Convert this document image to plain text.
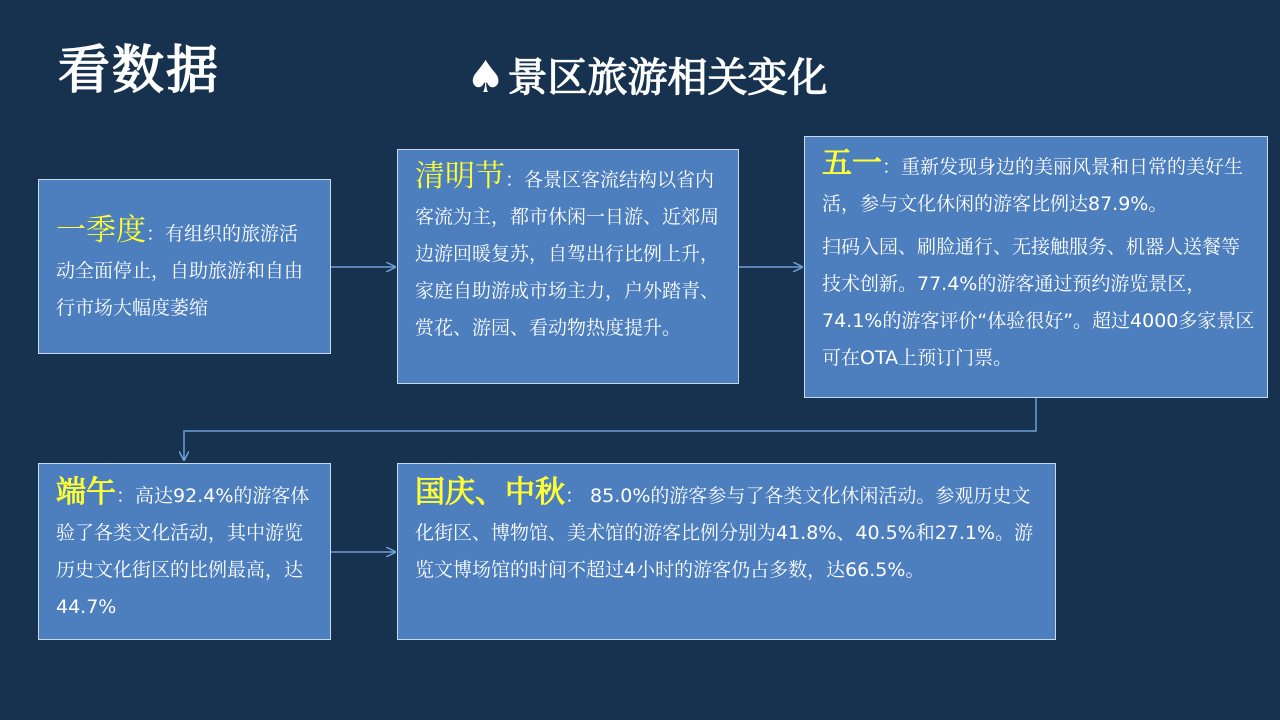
看数据	♠ 景区旅游相关变化

一季度：有组织的旅游活动全面停止，自助旅游和自由行市场大幅度萎缩

清明节：各景区客流结构以省内客流为主，都市休闲一日游、近郊周边游回暖复苏，自驾出行比例上升，家庭自助游成市场主力，户外踏青、赏花、游园、看动物热度提升。

五一：重新发现身边的美丽风景和日常的美好生活，参与文化休闲的游客比例达87.9%。

扫码入园、刷脸通行、无接触服务、机器人送餐等技术创新。77.4%的游客通过预约游览景区， 74.1%的游客评价“体验很好”。超过4000多家景区可在OTA上预订门票。

端午：高达92.4%的游客体验了各类文化活动，其中游览历史文化街区的比例最高，达44.7%

国庆、中秋： 85.0%的游客参与了各类文化休闲活动。参观历史文化街区、博物馆、美术馆的游客比例分别为41.8%、40.5%和27.1%。游览文博场馆的时间不超过4小时的游客仍占多数，达66.5%。
